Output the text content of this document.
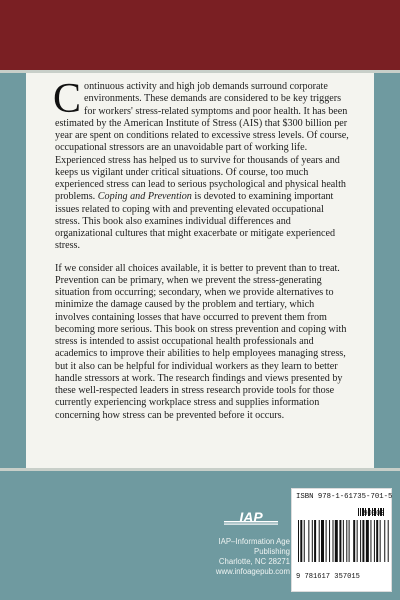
Continuous activity and high job demands surround corporate environments. These demands are considered to be key triggers for workers' stress-related symptoms and poor health. It has been estimated by the American Institute of Stress (AIS) that $300 billion per year are spent on conditions related to excessive stress levels. Of course, occupational stressors are an unavoidable part of working life. Experienced stress has helped us to survive for thousands of years and keeps us vigilant under critical situations. Of course, too much experienced stress can lead to serious psychological and physical health problems. Coping and Prevention is devoted to examining important issues related to coping with and preventing elevated occupational stress. This book also examines individual differences and organizational cultures that might exacerbate or mitigate experienced stress.

If we consider all choices available, it is better to prevent than to treat. Prevention can be primary, when we prevent the stress-generating situation from occurring; secondary, when we provide alternatives to minimize the damage caused by the problem and tertiary, which involves containing losses that have occurred to prevent them from becoming more serious. This book on stress prevention and coping with stress is intended to assist occupational health professionals and academics to improve their abilities to help employees managing stress, but it also can be helpful for individual workers as they learn to better handle stressors at work. The research findings and views presented by these well-respected leaders in stress research provide tools for those currently experiencing workplace stress and supplies information concerning how stress can be prevented before it occurs.

IAP
IAP–Information Age Publishing
Charlotte, NC 28271
www.infoagepub.com
ISBN 978-1-61735-701-5
90000
9 781617 357015
